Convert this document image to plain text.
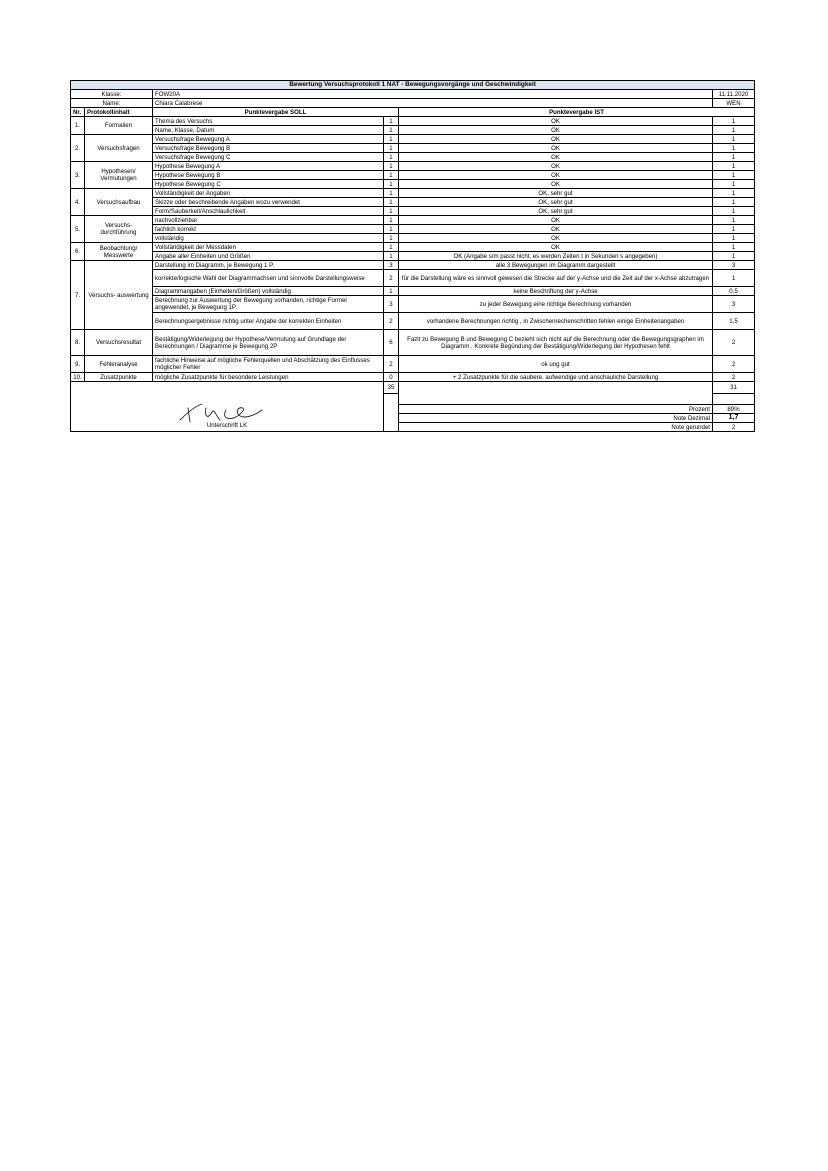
Bewertung Versuchsprotokoll 1 NAT - Bewegungsvorgänge und Geschwindigkeit					
Klasse:		FOW20A			11.11.2020
Name:		Chiara Calabrese			WEN
Nr.	Protokollinhalt	Punktevergabe SOLL		Punktevergabe IST	
1.	Formalien	Thema des Versuchs	1	OK	1
		Name, Klasse, Datum	1	OK	1
2.	Versuchsfragen	Versuchsfrage Bewegung A	1	OK	1
		Versuchsfrage Bewegung B	1	OK	1
		Versuchsfrage Bewegung C	1	OK	1
3.	Hypothesen/ Vermutungen	Hypothese Bewegung A	1	OK	1
		Hypothese Bewegung B	1	OK	1
		Hypothese Bewegung C	1	OK	1
4.	Versuchsaufbau	Vollständigkeit der Angaben	1	OK, sehr gut	1
		Skizze oder beschreibende Angaben wozu verwendet	1	OK, sehr gut	1
		Form/Sauberkeit/Anschlaulichkeit	1	OK, sehr gut	1
5.	Versuchs- durchführung	nachvollziehbar	1	OK	1
		fachlich korrekt	1	OK	1
		vollständig	1	OK	1
6.	Beobachtung/ Messwerte	Vollständigkeit der Messdaten	1	OK	1
		Angabe aller Einheiten und Größen	1	OK (Angabe s/m passt nicht, es werden Zeiten t in Sekunden s angegeben)	1
7.	Versuchs- auswertung	Darstellung im Diagramm, je Bewegung 1 P.	3	alle 3 Bewegungen im Diagramm dargestellt	3
		korrekte/logische Wahl der Diagrammachsen und sinnvolle Darstellungsweise	2	für die Darstellung wäre es sinnvoll gewesen die Strecke auf der y-Achse und die Zeit auf der x-Achse abzutragen	1
		Diagrammangaben (Einheiten/Größen) vollständig	1	keine Beschriftung der y-Achse	0,5
		Berechnung zur Auswertung der Bewegung vorhanden, richtige Formel angewendet, je Bewegung 1P.	3	zu jeder Bewegung eine richtige Berechnung vorhanden	3
		Berechnungsergebnisse richtig unter Angabe der korrekten Einheiten	2	vorhandene Berechnungen richtig , in Zwischenrechenschritten fehlen einige Einheitenangaben	1,5
8.	Versuchsresultat	Bestätigung/Widerlegung der Hypothese/Vermutung auf Grundlage der Berechnungen / Diagramme je Bewegung 2P	6	Fazit zu Bewegung B und Bewegung C bezieht sich nicht auf die Berechnung oder die Bewegungsgraphen im Diagramm , Konkrete Begündung der Bestätigung/Widerlegung der Hypothesen fehlt	2
9.	Fehleranalyse	fachliche Hinweise auf mögliche Fehlerquellen und Abschätzung des Einflusses möglicher Fehler	2	ok ung gut	2
10.	Zusatzpunkte	mögliche Zusatzpunkte für besondere Leistungen	0	+ 2 Zusatzpunkte für die saubere, aufwendige und anschauliche Darstellung	2

Unterschrift LK			35		31

				Prozent	89%
				Note Dezimal	1,7
				Note gerundet	2
